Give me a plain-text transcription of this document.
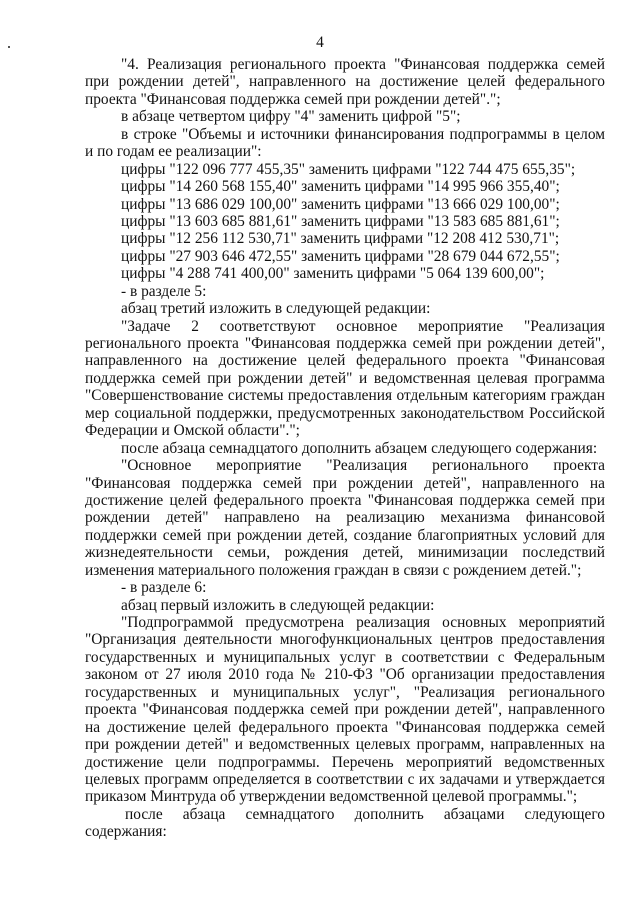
4
"4. Реализация регионального проекта "Финансовая поддержка семей
при рождении детей", направленного на достижение целей федерального
проекта "Финансовая поддержка семей при рождении детей".";
в абзаце четвертом цифру "4" заменить цифрой "5";
в строке "Объемы и источники финансирования подпрограммы в целом
и по годам ее реализации":
цифры "122 096 777 455,35" заменить цифрами "122 744 475 655,35";
цифры "14 260 568 155,40" заменить цифрами "14 995 966 355,40";
цифры "13 686 029 100,00" заменить цифрами "13 666 029 100,00";
цифры "13 603 685 881,61" заменить цифрами "13 583 685 881,61";
цифры "12 256 112 530,71" заменить цифрами "12 208 412 530,71";
цифры "27 903 646 472,55" заменить цифрами "28 679 044 672,55";
цифры "4 288 741 400,00" заменить цифрами "5 064 139 600,00";
- в разделе 5:
абзац третий изложить в следующей редакции:
"Задаче 2 соответствуют основное мероприятие "Реализация
регионального проекта "Финансовая поддержка семей при рождении детей",
направленного на достижение целей федерального проекта "Финансовая
поддержка семей при рождении детей" и ведомственная целевая программа
"Совершенствование системы предоставления отдельным категориям граждан
мер социальной поддержки, предусмотренных законодательством Российской
Федерации и Омской области".";
после абзаца семнадцатого дополнить абзацем следующего содержания:
"Основное мероприятие "Реализация регионального проекта
"Финансовая поддержка семей при рождении детей", направленного на
достижение целей федерального проекта "Финансовая поддержка семей при
рождении детей" направлено на реализацию механизма финансовой
поддержки семей при рождении детей, создание благоприятных условий для
жизнедеятельности семьи, рождения детей, минимизации последствий
изменения материального положения граждан в связи с рождением детей.";
- в разделе 6:
абзац первый изложить в следующей редакции:
"Подпрограммой предусмотрена реализация основных мероприятий
"Организация деятельности многофункциональных центров предоставления
государственных и муниципальных услуг в соответствии с Федеральным
законом от 27 июля 2010 года № 210-ФЗ "Об организации предоставления
государственных и муниципальных услуг", "Реализация регионального
проекта "Финансовая поддержка семей при рождении детей", направленного
на достижение целей федерального проекта "Финансовая поддержка семей
при рождении детей" и ведомственных целевых программ, направленных на
достижение цели подпрограммы. Перечень мероприятий ведомственных
целевых программ определяется в соответствии с их задачами и утверждается
приказом Минтруда об утверждении ведомственной целевой программы.";
после абзаца семнадцатого дополнить абзацами следующего
содержания:
